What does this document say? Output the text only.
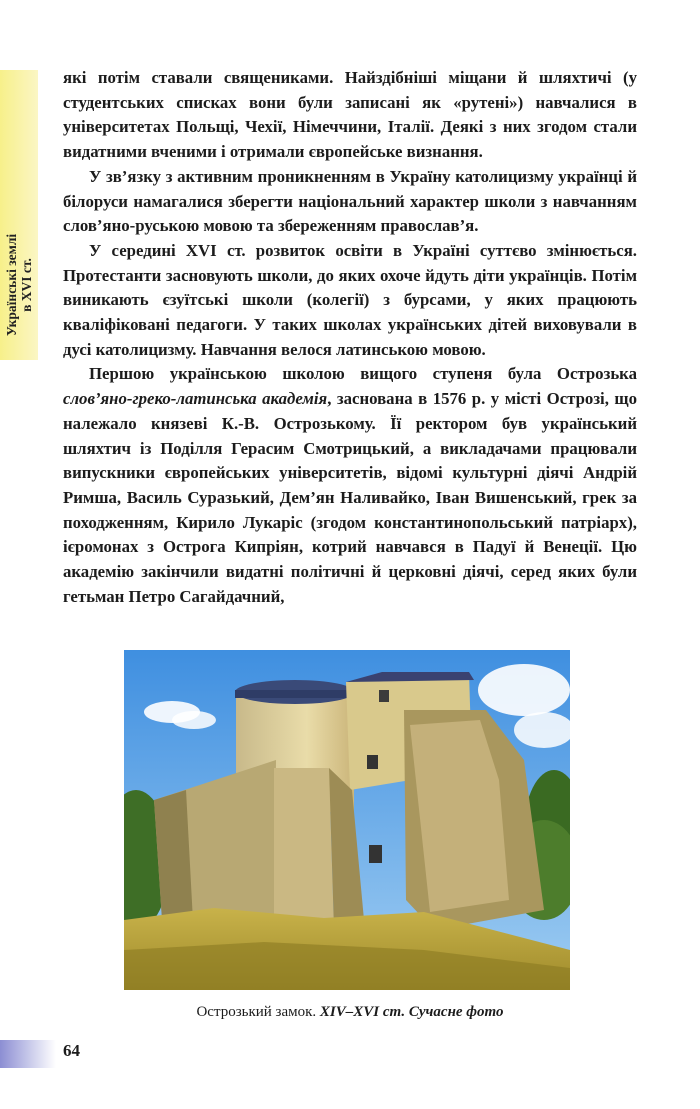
Українські землі в XVI ст.

які потім ставали священиками. Найздібніші міщани й шляхтичі (у студентських списках вони були записані як «рутені») навчалися в університетах Польщі, Чехії, Німеччини, Італії. Деякі з них згодом стали видатними вченими і отримали європейське визнання.

У зв’язку з активним проникненням в Україну католицизму українці й білоруси намагалися зберегти національний характер школи з навчанням слов’яно-руською мовою та збереженням православ’я.

У середині XVI ст. розвиток освіти в Україні суттєво змінюється. Протестанти засновують школи, до яких охоче йдуть діти українців. Потім виникають єзуїтські школи (колегії) з бурсами, у яких працюють кваліфіковані педагоги. У таких школах українських дітей виховували в дусі католицизму. Навчання велося латинською мовою.

Першою українською школою вищого ступеня була Острозька слов’яно-греко-латинська академія, заснована в 1576 р. у місті Острозі, що належало князеві К.-В. Острозькому. Її ректором був український шляхтич із Поділля Герасим Смотрицький, а викладачами працювали випускники європейських університетів, відомі культурні діячі Андрій Римша, Василь Суразький, Дем’ян Наливайко, Іван Вишенський, грек за походженням, Кирило Лукаріс (згодом константинопольський патріарх), ієромонах з Острога Кипріян, котрий навчався в Падуї й Венеції. Цю академію закінчили видатні політичні й церковні діячі, серед яких були гетьман Петро Сагайдачний,

Острозький замок. XIV–XVI ст. Сучасне фото
64
